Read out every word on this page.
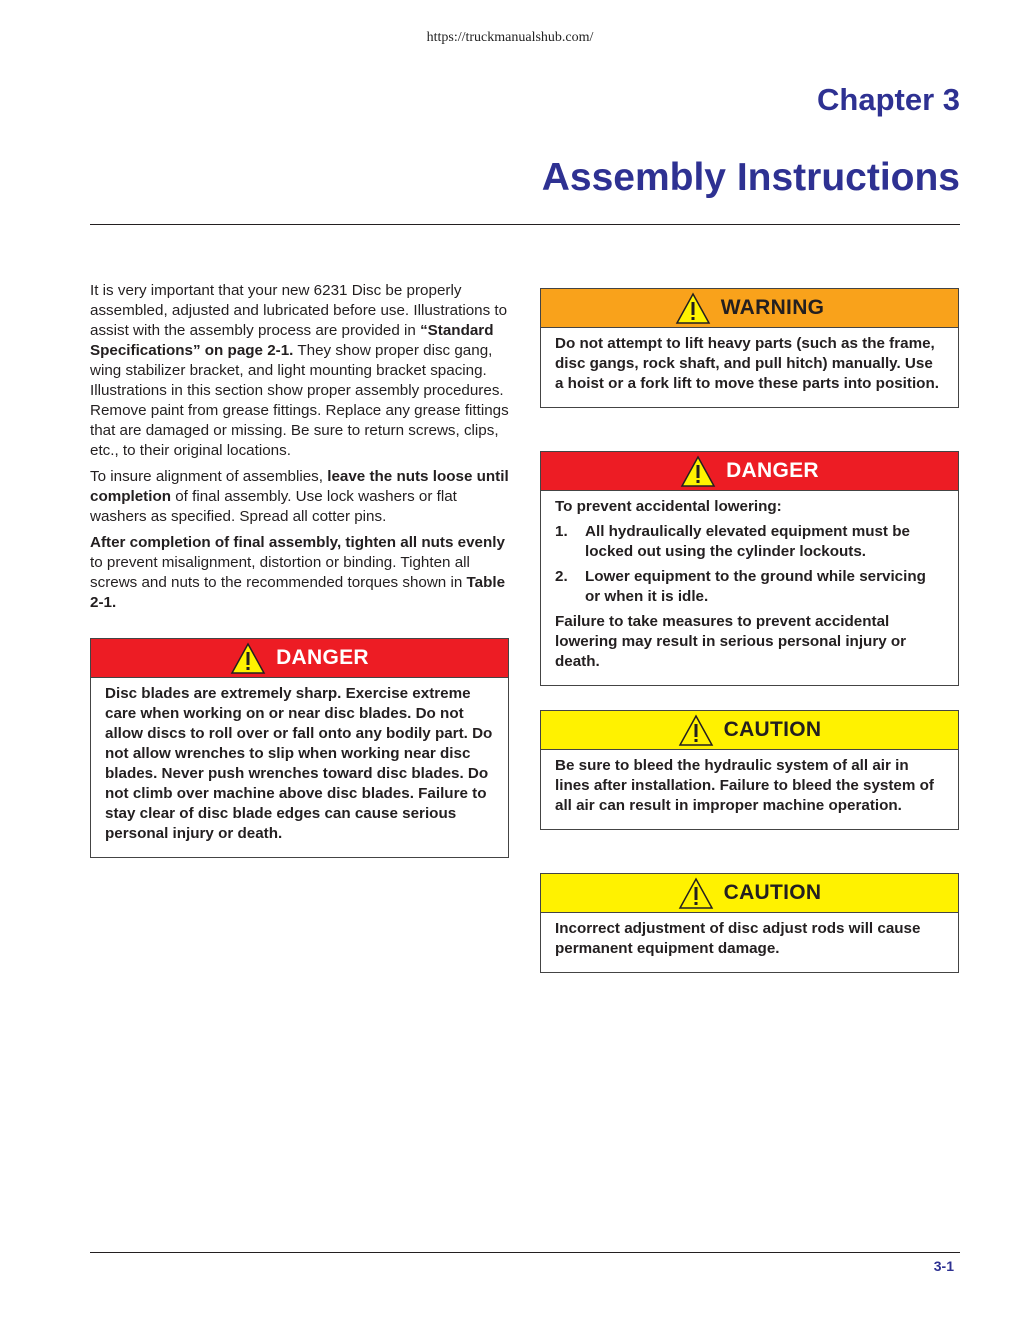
https://truckmanualshub.com/
Chapter 3
Assembly Instructions

It is very important that your new 6231 Disc be properly assembled, adjusted and lubricated before use. Illustrations to assist with the assembly process are provided in “Standard Specifications” on page 2-1. They show proper disc gang, wing stabilizer bracket, and light mounting bracket spacing. Illustrations in this section show proper assembly procedures. Remove paint from grease fittings. Replace any grease fittings that are damaged or missing. Be sure to return screws, clips, etc., to their original locations.

To insure alignment of assemblies, leave the nuts loose until completion of final assembly. Use lock washers or flat washers as specified. Spread all cotter pins.

After completion of final assembly, tighten all nuts evenly to prevent misalignment, distortion or binding. Tighten all screws and nuts to the recommended torques shown in Table 2-1.

DANGER

Disc blades are extremely sharp. Exercise extreme care when working on or near disc blades. Do not allow discs to roll over or fall onto any bodily part. Do not allow wrenches to slip when working near disc blades. Never push wrenches toward disc blades. Do not climb over machine above disc blades. Failure to stay clear of disc blade edges can cause serious personal injury or death.

WARNING

Do not attempt to lift heavy parts (such as the frame, disc gangs, rock shaft, and pull hitch) manually. Use a hoist or a fork lift to move these parts into position.

DANGER

To prevent accidental lowering:

1.	All hydraulically elevated equipment must be locked out using the cylinder lockouts.
2.	Lower equipment to the ground while servicing or when it is idle.

Failure to take measures to prevent accidental lowering may result in serious personal injury or death.

CAUTION

Be sure to bleed the hydraulic system of all air in lines after installation. Failure to bleed the system of all air can result in improper machine operation.

CAUTION

Incorrect adjustment of disc adjust rods will cause permanent equipment damage.

3-1
